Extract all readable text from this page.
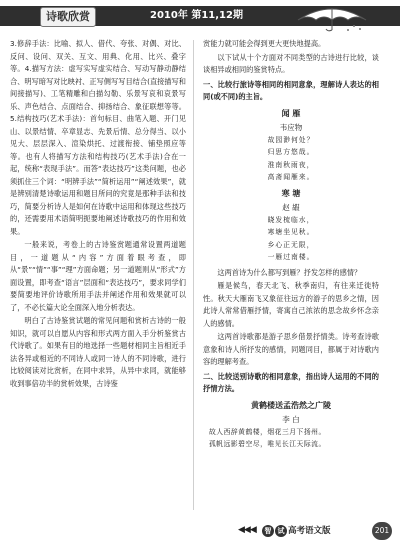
诗歌欣赏	2010年 第11,12期

3.修辞手法：比喻、拟人、借代、夸张、对偶、对比、反问、设问、双关、互文、用典、化用、比兴、叠字等。4.描写方法：虚写实写虚实结合、写动写静动静结合、明写暗写对比映衬、正写侧写写目结合(直接描写和间接描写)、工笔精雕和白描勾勒、乐景写哀和哀景写乐、声色结合、点面结合、抑扬结合、象征联想等等。5.结构技巧(艺术手法)：首句标目、曲笔入题、开门见山、以景结情、卒章显志、先景后情、总分得当、以小见大、层层深入、渲染烘托、过渡衔接、铺垫照应等等。也有人将描写方法和结构技巧(艺术手法)合在一起，统称“表现手法”。而答“表达技巧”这类问题，也必须抓住三个词：“明辨手法”“简析运用”“阐述效果”，就是辨别清楚诗歌运用和题目所问的究竟是那种手法和技巧，简要分析诗人是如何在诗歌中运用和体现这些技巧的，还需要用术语简明扼要地阐述诗歌技巧的作用和效果。

一般来说，考卷上的古诗鉴赏题通常设置两道题目，一道题从“内容”方面着眼考查，即从“景”“情”“事”“理”方面命题；另一道题则从“形式”方面设置，即考查“语言”层面和“表达技巧”，要求同学们要简要地评价诗歌所用手法并阐述作用和效果就可以了，不必长篇大论全面深入地分析表达。

明白了古诗鉴赏试题的常见问题和赏析古诗的一般知识，就可以自愿从内容和形式两方面入手分析鉴赏古代诗歌了。如果有目的地选择一些题材相同主旨相近手法各异或相近的不同诗人或同一诗人的不同诗歌，进行比较阅读对比赏析，在同中求异，从异中求同，就能够收到事倍功半的赏析效果，古诗鉴

赏能力就可能会得到更大更快地提高。

以下试从十个方面对不同类型的古诗进行比较，谈谈相异或相同的鉴赏特点。

一、比较行旅诗等相同的相同意象，理解诗人表达的相同(或不同)的主旨。

闻 雁
韦应物
故园渺何处？
归思方悠哉。
淮南秋雨夜，
高斋闻雁来。
寒 塘
赵 嘏
晓发梳临水，
寒塘坐见秋。
乡心正无限，
一雁过南楼。

这两首诗为什么都写到雁？抒发怎样的感情？

雁是候鸟，春天北飞、秋季南归，有往来迁徙特性。秋天大雁南飞又象征往远方的游子的思乡之情，因此诗人常常借雁抒情，寄寓自己浓浓的思念故乡怀念亲人的感情。

这两首诗歌都是游子思乡借景抒情类。诗考查诗歌意象和诗人所抒发的感情，同题同目，都属于对诗歌内容的理解考查。

二、比较送别诗歌的相同意象，指出诗人运用的不同的抒情方法。

黄鹤楼送孟浩然之广陵
李 白
故人西辞黄鹤楼，烟花三月下扬州。
孤帆远影碧空尽，唯见长江天际流。
◀◀◀	智 试 高考语文版	201
